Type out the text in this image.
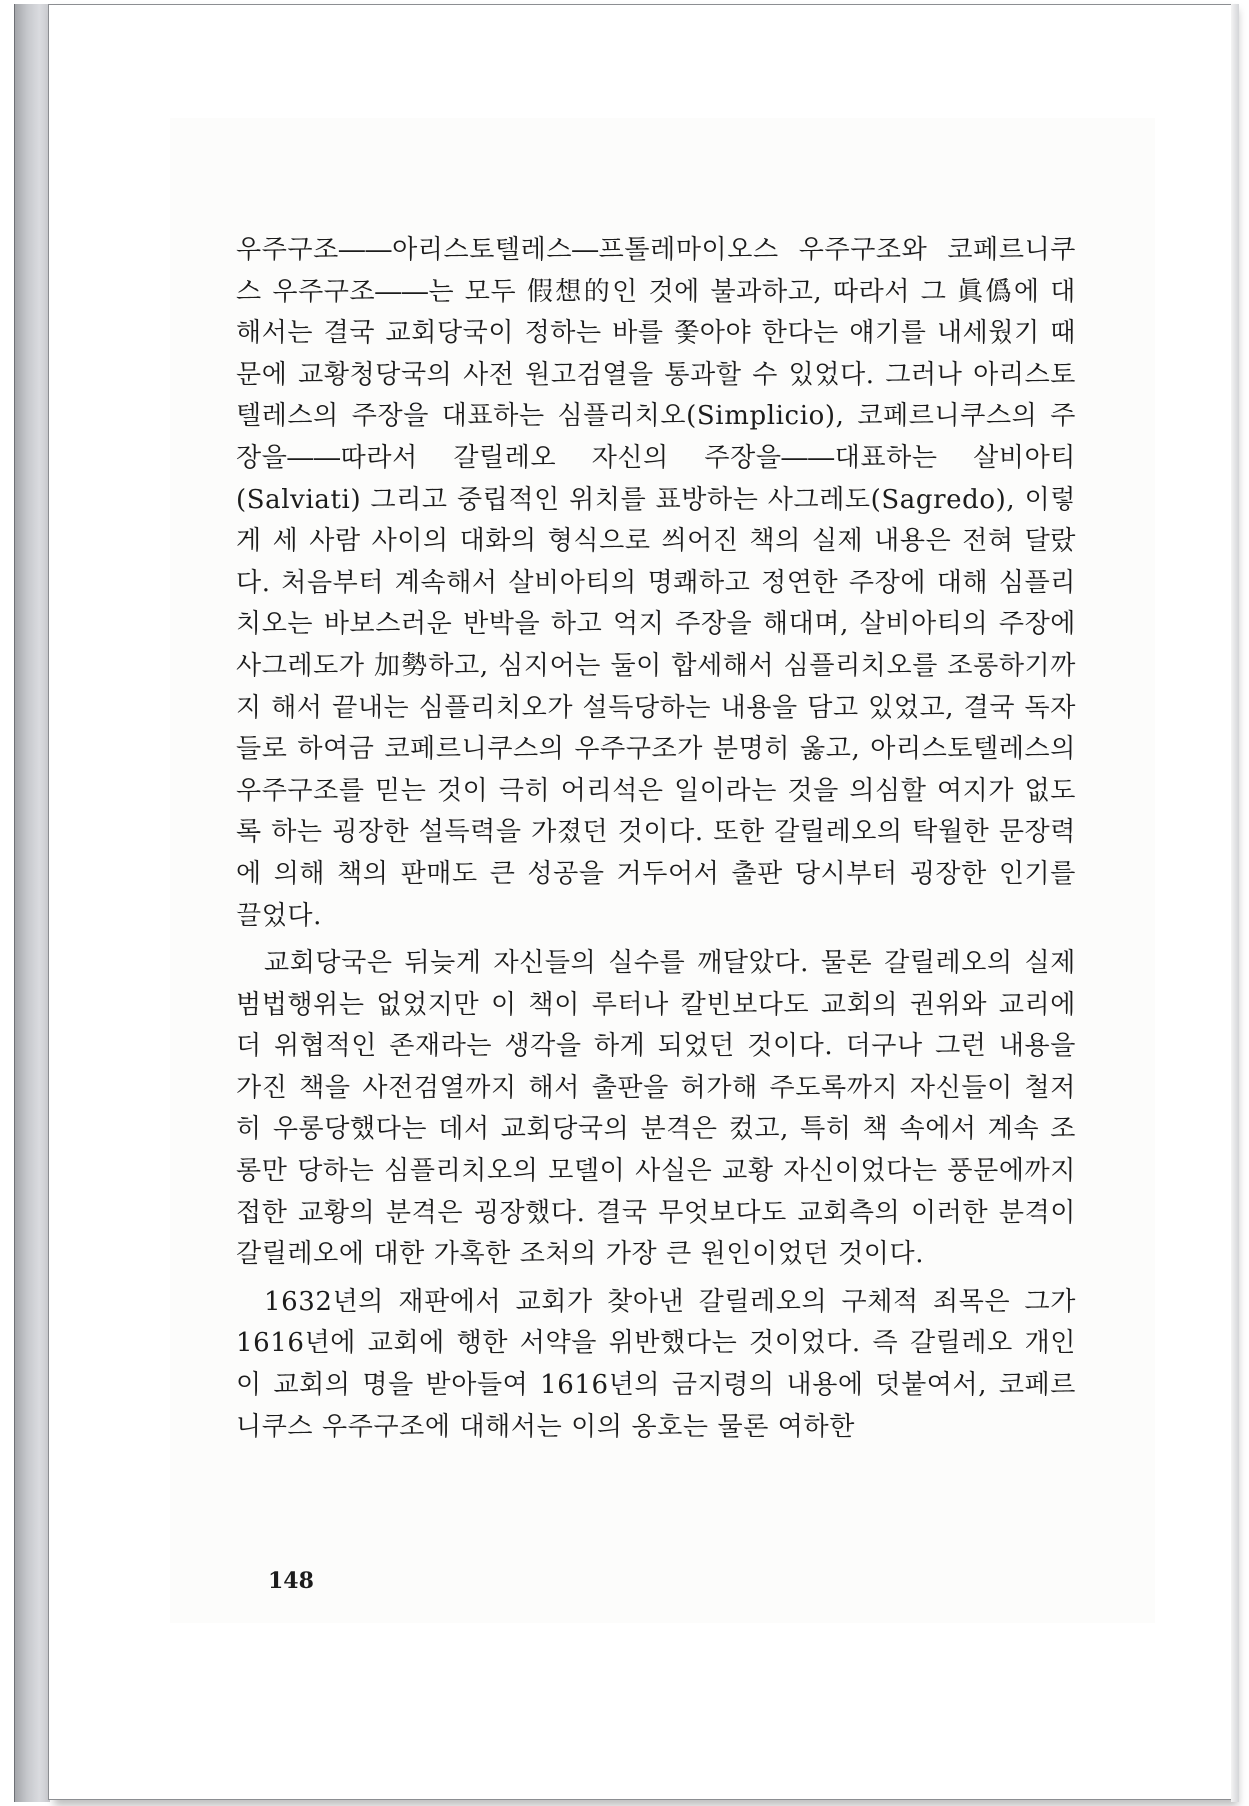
우주구조――아리스토텔레스―프톨레마이오스 우주구조와 코페르니쿠스 우주구조――는 모두 假想的인 것에 불과하고, 따라서 그 眞僞에 대해서는 결국 교회당국이 정하는 바를 쫓아야 한다는 얘기를 내세웠기 때문에 교황청당국의 사전 원고검열을 통과할 수 있었다. 그러나 아리스토텔레스의 주장을 대표하는 심플리치오(Simplicio), 코페르니쿠스의 주장을――따라서 갈릴레오 자신의 주장을――대표하는 살비아티(Salviati) 그리고 중립적인 위치를 표방하는 사그레도(Sagredo), 이렇게 세 사람 사이의 대화의 형식으로 씌어진 책의 실제 내용은 전혀 달랐다. 처음부터 계속해서 살비아티의 명쾌하고 정연한 주장에 대해 심플리치오는 바보스러운 반박을 하고 억지 주장을 해대며, 살비아티의 주장에 사그레도가 加勢하고, 심지어는 둘이 합세해서 심플리치오를 조롱하기까지 해서 끝내는 심플리치오가 설득당하는 내용을 담고 있었고, 결국 독자들로 하여금 코페르니쿠스의 우주구조가 분명히 옳고, 아리스토텔레스의 우주구조를 믿는 것이 극히 어리석은 일이라는 것을 의심할 여지가 없도록 하는 굉장한 설득력을 가졌던 것이다. 또한 갈릴레오의 탁월한 문장력에 의해 책의 판매도 큰 성공을 거두어서 출판 당시부터 굉장한 인기를 끌었다.

교회당국은 뒤늦게 자신들의 실수를 깨달았다. 물론 갈릴레오의 실제 범법행위는 없었지만 이 책이 루터나 칼빈보다도 교회의 권위와 교리에 더 위협적인 존재라는 생각을 하게 되었던 것이다. 더구나 그런 내용을 가진 책을 사전검열까지 해서 출판을 허가해 주도록까지 자신들이 철저히 우롱당했다는 데서 교회당국의 분격은 컸고, 특히 책 속에서 계속 조롱만 당하는 심플리치오의 모델이 사실은 교황 자신이었다는 풍문에까지 접한 교황의 분격은 굉장했다. 결국 무엇보다도 교회측의 이러한 분격이 갈릴레오에 대한 가혹한 조처의 가장 큰 원인이었던 것이다.

1632년의 재판에서 교회가 찾아낸 갈릴레오의 구체적 죄목은 그가 1616년에 교회에 행한 서약을 위반했다는 것이었다. 즉 갈릴레오 개인이 교회의 명을 받아들여 1616년의 금지령의 내용에 덧붙여서, 코페르니쿠스 우주구조에 대해서는 이의 옹호는 물론 여하한

148
